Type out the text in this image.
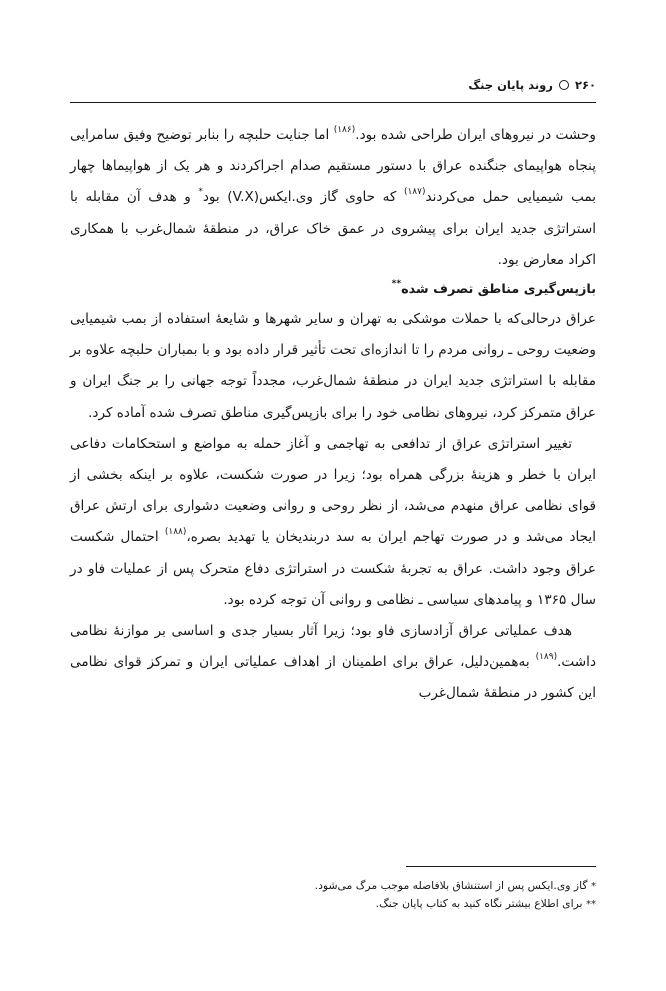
۲۶۰
روند پایان جنگ

وحشت در نیروهای ایران طراحی شده بود.$^{(۱۸۶)}$ اما جنایت حلبچه را بنابر توضیح وفیق سامرایی پنجاه هواپیمای جنگنده عراق با دستور مستقیم صدام اجراکردند و هر یک از هواپیماها چهار بمب شیمیایی حمل می‌کردند$^{(۱۸۷)}$ که حاوی گاز وی.ایکس(V.X) بود* و هدف آن مقابله با استراتژی جدید ایران برای پیشروی در عمق خاک عراق، در منطقهٔ شمال‌غرب با همکاری اکراد معارض بود.

بازپس‌گیری مناطق تصرف شده**

عراق درحالی‌که با حملات موشکی به تهران و سایر شهرها و شایعهٔ استفاده از بمب شیمیایی وضعیت روحی ـ روانی مردم را تا اندازه‌ای تحت تأثیر قرار داده بود و با بمباران حلبچه علاوه بر مقابله با استراتژی جدید ایران در منطقهٔ شمال‌غرب، مجدداً توجه جهانی را بر جنگ ایران و عراق متمرکز کرد، نیروهای نظامی خود را برای بازپس‌گیری مناطق تصرف شده آماده کرد.

تغییر استراتژی عراق از تدافعی به تهاجمی و آغاز حمله به مواضع و استحکامات دفاعی ایران با خطر و هزینهٔ بزرگی همراه بود؛ زیرا در صورت شکست، علاوه بر اینکه بخشی از قوای نظامی عراق منهدم می‌شد، از نظر روحی و روانی وضعیت دشواری برای ارتش عراق ایجاد می‌شد و در صورت تهاجم ایران به سد دربندیخان یا تهدید بصره،$^{(۱۸۸)}$ احتمال شکست عراق وجود داشت. عراق به تجربهٔ شکست در استراتژی دفاع متحرک پس از عملیات فاو در سال ۱۳۶۵ و پیامدهای سیاسی ـ نظامی و روانی آن توجه کرده بود.

هدف عملیاتی عراق آزادسازی فاو بود؛ زیرا آثار بسیار جدی و اساسی بر موازنهٔ نظامی داشت.$^{(۱۸۹)}$ به‌همین‌دلیل، عراق برای اطمینان از اهداف عملیاتی ایران و تمرکز قوای نظامی این کشور در منطقهٔ شمال‌غرب

* گاز وی.ایکس پس از استنشاق بلافاصله موجب مرگ می‌شود.
** برای اطلاع بیشتر نگاه کنید به کتاب پایان جنگ.
